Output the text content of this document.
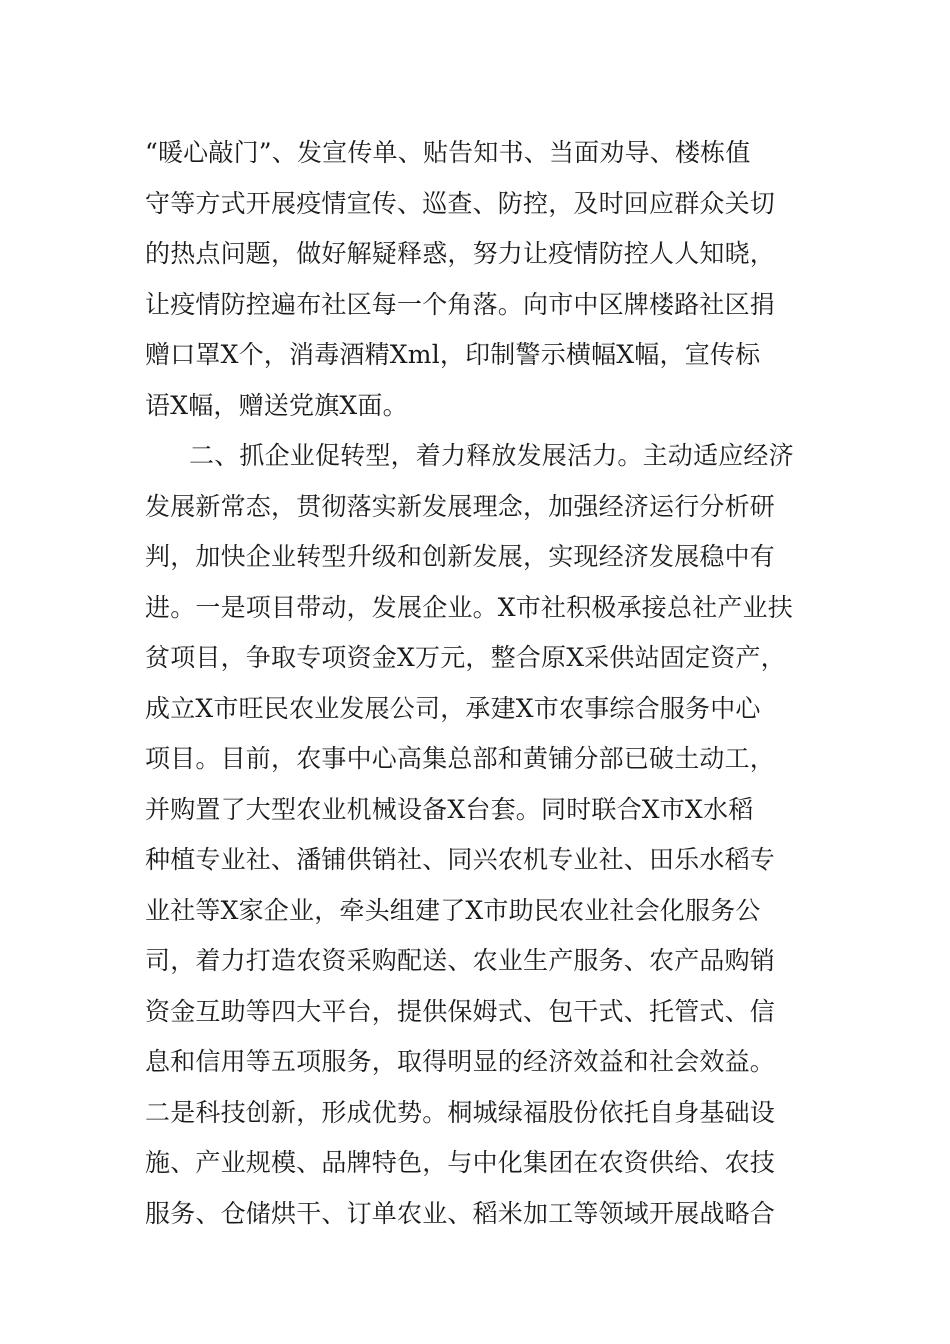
“暖心敲门”、发宣传单、贴告知书、当面劝导、楼栋值
守等方式开展疫情宣传、巡查、防控，及时回应群众关切
的热点问题，做好解疑释惑，努力让疫情防控人人知晓，
让疫情防控遍布社区每一个角落。向市中区牌楼路社区捐
赠口罩X个，消毒酒精Xml，印制警示横幅X幅，宣传标
语X幅，赠送党旗X面。
二、抓企业促转型，着力释放发展活力。主动适应经济
发展新常态，贯彻落实新发展理念，加强经济运行分析研
判，加快企业转型升级和创新发展，实现经济发展稳中有
进。一是项目带动，发展企业。X市社积极承接总社产业扶
贫项目，争取专项资金X万元，整合原X采供站固定资产，
成立X市旺民农业发展公司，承建X市农事综合服务中心
项目。目前，农事中心高集总部和黄铺分部已破土动工，
并购置了大型农业机械设备X台套。同时联合X市X水稻
种植专业社、潘铺供销社、同兴农机专业社、田乐水稻专
业社等X家企业，牵头组建了X市助民农业社会化服务公
司，着力打造农资采购配送、农业生产服务、农产品购销
资金互助等四大平台，提供保姆式、包干式、托管式、信
息和信用等五项服务，取得明显的经济效益和社会效益。
二是科技创新，形成优势。桐城绿福股份依托自身基础设
施、产业规模、品牌特色，与中化集团在农资供给、农技
服务、仓储烘干、订单农业、稻米加工等领域开展战略合
